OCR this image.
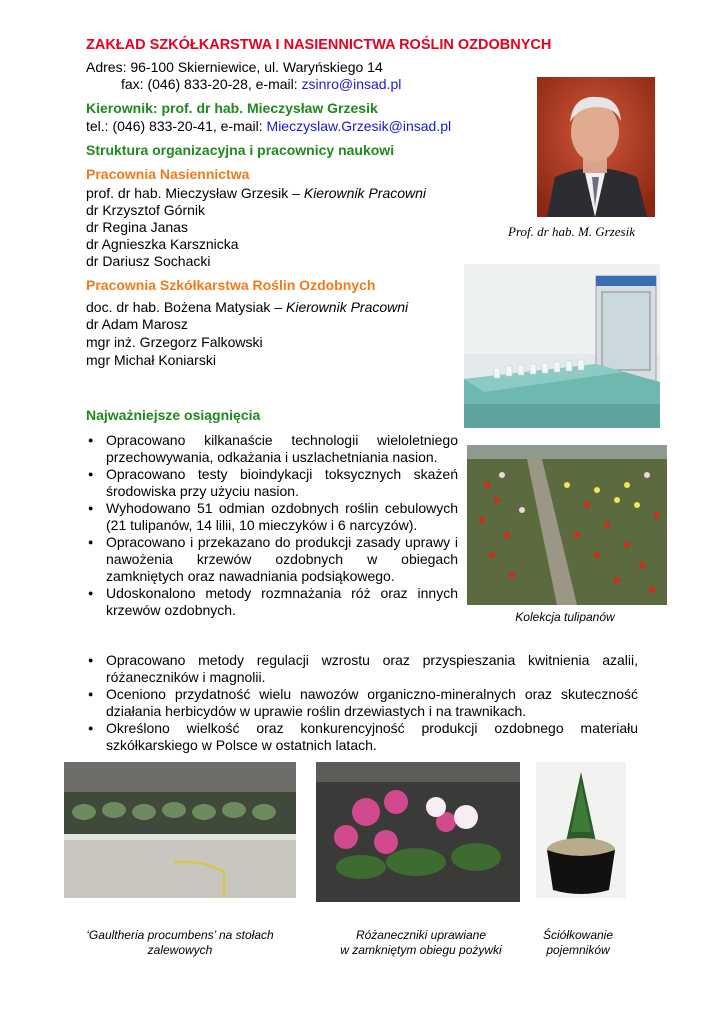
ZAKŁAD SZKÓŁKARSTWA I NASIENNICTWA ROŚLIN OZDOBNYCH
Adres: 96-100 Skierniewice, ul. Waryńskiego 14
fax: (046) 833-20-28, e-mail: zsinro@insad.pl
Kierownik: prof. dr hab. Mieczysław Grzesik
tel.: (046) 833-20-41, e-mail: Mieczyslaw.Grzesik@insad.pl
Struktura organizacyjna i pracownicy naukowi
Pracownia Nasiennictwa
prof. dr hab. Mieczysław Grzesik – Kierownik Pracowni
dr Krzysztof Górnik
dr Regina Janas
dr Agnieszka Karsznicka
dr Dariusz Sochacki
Pracownia Szkółkarstwa Roślin Ozdobnych
doc. dr hab. Bożena Matysiak – Kierownik Pracowni
dr Adam Marosz
mgr inż. Grzegorz Falkowski
mgr Michał Koniarski
Najważniejsze osiągnięcia
● Opracowano kilkanaście technologii wieloletniego przechowywania, odkażania i uszlachetniania nasion.
● Opracowano testy bioindykacji toksycznych skażeń środowiska przy użyciu nasion.
● Wyhodowano 51 odmian ozdobnych roślin cebulowych (21 tulipanów, 14 lilii, 10 mieczyków i 6 narcyzów).
● Opracowano i przekazano do produkcji zasady uprawy i nawożenia krzewów ozdobnych w obiegach zamkniętych oraz nawadniania podsiąkowego.
● Udoskonalono metody rozmnażania róż oraz innych krzewów ozdobnych.
● Opracowano metody regulacji wzrostu oraz przyspieszania kwitnienia azalii, różaneczników i magnolii.
● Oceniono przydatność wielu nawozów organiczno-mineralnych oraz skuteczność działania herbicydów w uprawie roślin drzewiastych i na trawnikach.
● Określono wielkość oraz konkurencyjność produkcji ozdobnego materiału szkółkarskiego w Polsce w ostatnich latach.
Prof. dr hab. M. Grzesik
Kolekcja tulipanów
‘Gaultheria procumbens’ na stołach
zalewowych
Różaneczniki uprawiane
w zamkniętym obiegu pożywki
Ściółkowanie
pojemników
